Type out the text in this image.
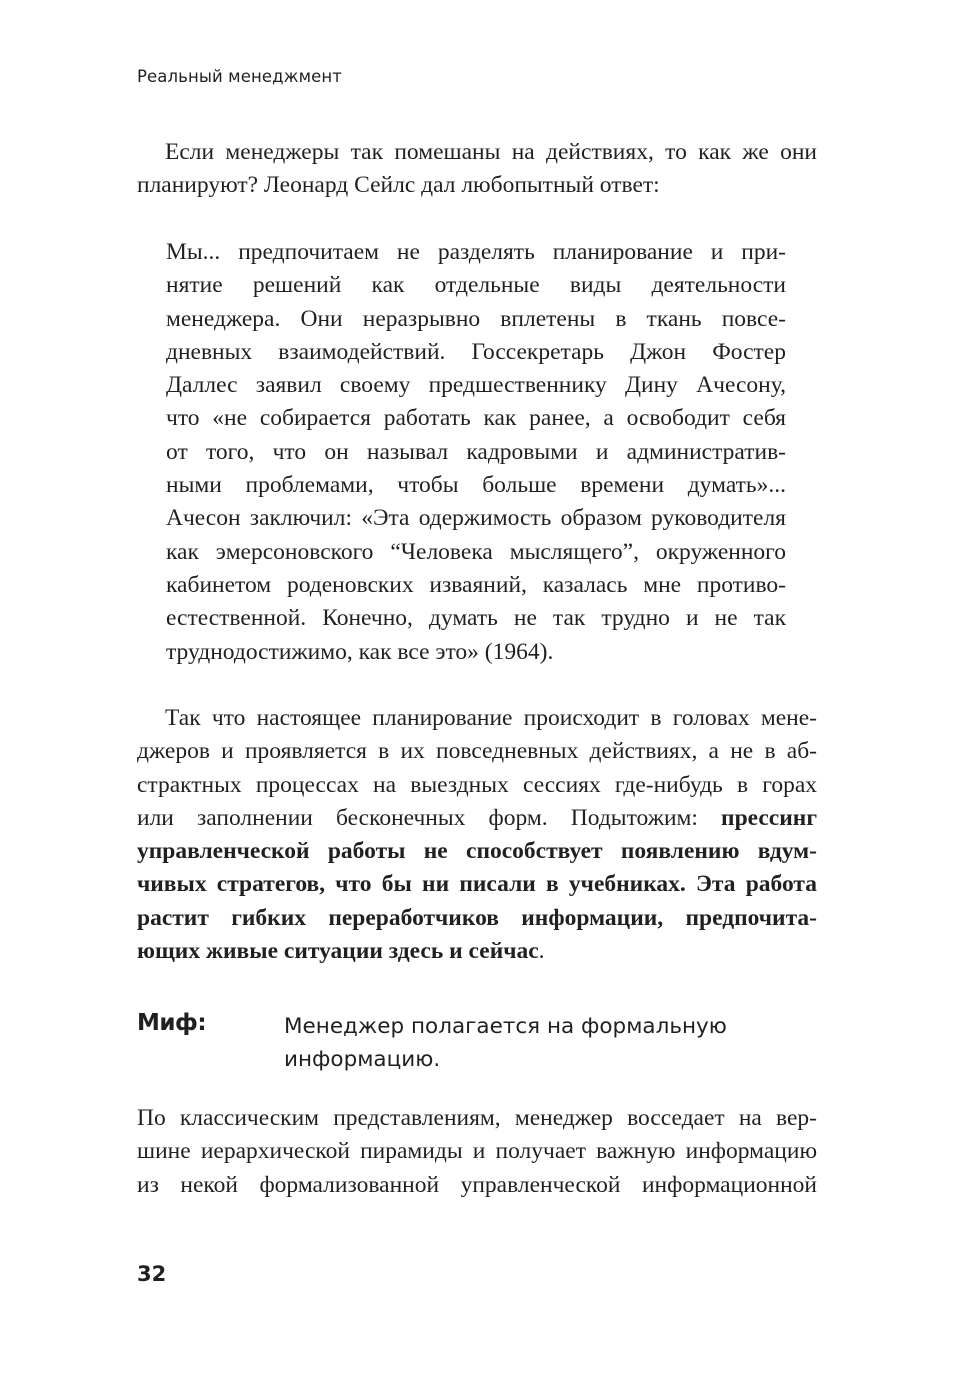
Реальный менеджмент
Если менеджеры так помешаны на действиях, то как же они
планируют? Леонард Сейлс дал любопытный ответ:
Мы... предпочитаем не разделять планирование и при-
нятие решений как отдельные виды деятельности
менеджера. Они неразрывно вплетены в ткань повсе-
дневных взаимодействий. Госсекретарь Джон Фостер
Даллес заявил своему предшественнику Дину Ачесону,
что «не собирается работать как ранее, а освободит себя
от того, что он называл кадровыми и административ-
ными проблемами, чтобы больше времени думать»...
Ачесон заключил: «Эта одержимость образом руководителя
как эмерсоновского “Человека мыслящего”, окруженного
кабинетом роденовских изваяний, казалась мне противо-
естественной. Конечно, думать не так трудно и не так
труднодостижимо, как все это» (1964).
Так что настоящее планирование происходит в головах мене-
джеров и проявляется в их повседневных действиях, а не в аб-
страктных процессах на выездных сессиях где-нибудь в горах
или заполнении бесконечных форм. Подытожим: прессинг
управленческой работы не способствует появлению вдум-
чивых стратегов, что бы ни писали в учебниках. Эта работа
растит гибких переработчиков информации, предпочита-
ющих живые ситуации здесь и сейчас.
Миф:	Менеджер полагается на формальную
информацию.
По классическим представлениям, менеджер восседает на вер-
шине иерархической пирамиды и получает важную информацию
из некой формализованной управленческой информационной
32
